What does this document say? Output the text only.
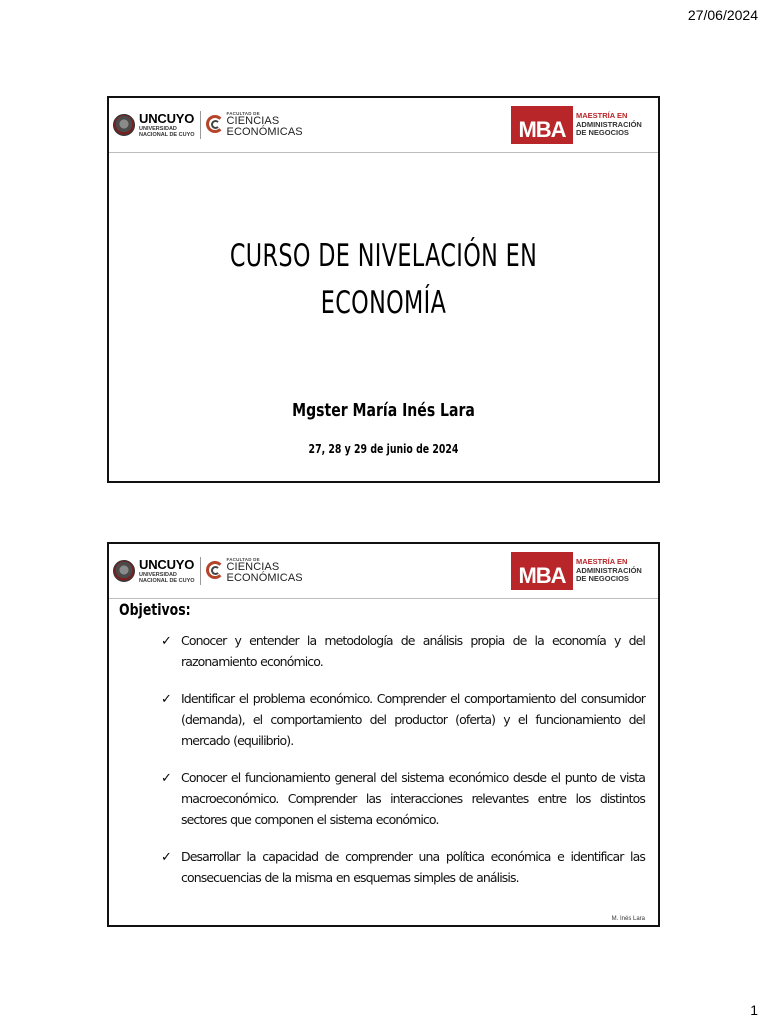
27/06/2024
UNCUYO
UNIVERSIDAD
NACIONAL DE CUYO
FACULTAD DE
CIENCIAS
ECONÓMICAS	MBA
MAESTRÍA EN
ADMINISTRACIÓN
DE NEGOCIOS
CURSO DE NIVELACIÓN EN
ECONOMÍA
Mgster María Inés Lara
27, 28 y 29 de junio de 2024
UNCUYO
UNIVERSIDAD
NACIONAL DE CUYO
FACULTAD DE
CIENCIAS
ECONÓMICAS	MBA
MAESTRÍA EN
ADMINISTRACIÓN
DE NEGOCIOS
Objetivos:
✓ Conocer y entender la metodología de análisis propia de la economía y del razonamiento económico.
✓ Identificar el problema económico. Comprender el comportamiento del consumidor (demanda), el comportamiento del productor (oferta) y el funcionamiento del mercado (equilibrio).
✓ Conocer el funcionamiento general del sistema económico desde el punto de vista macroeconómico. Comprender las interacciones relevantes entre los distintos sectores que componen el sistema económico.
✓ Desarrollar la capacidad de comprender una política económica e identificar las consecuencias de la misma en esquemas simples de análisis.
M. Inés Lara
1
